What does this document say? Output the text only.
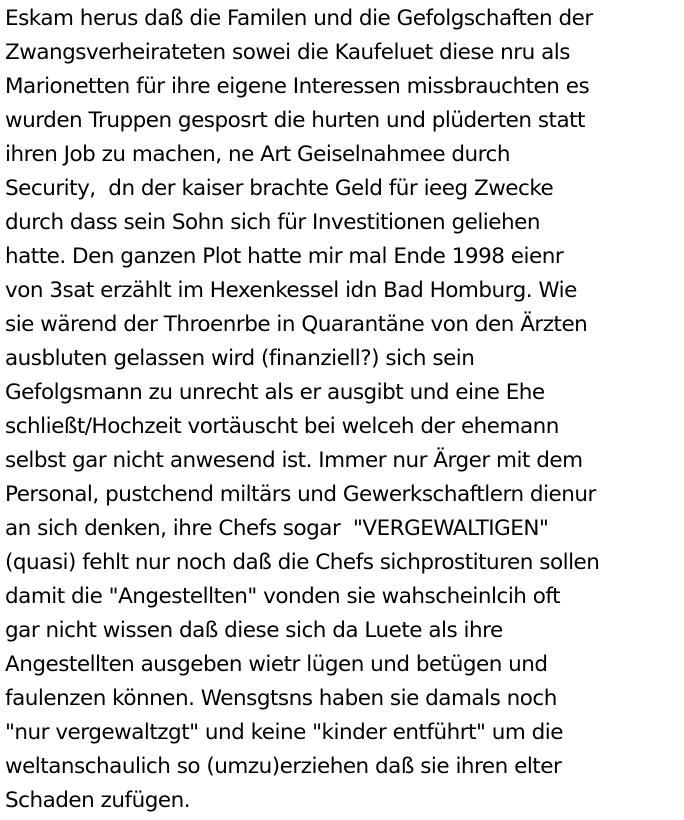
Eskam herus daß die Familen und die Gefolgschaften der
Zwangsverheirateten sowei die Kaufeluet diese nru als
Marionetten für ihre eigene Interessen missbrauchten es
wurden Truppen gesposrt die hurten und plüderten statt
ihren Job zu machen, ne Art Geiselnahmee durch
Security,  dn der kaiser brachte Geld für ieeg Zwecke
durch dass sein Sohn sich für Investitionen geliehen
hatte. Den ganzen Plot hatte mir mal Ende 1998 eienr
von 3sat erzählt im Hexenkessel idn Bad Homburg. Wie
sie wärend der Throenrbe in Quarantäne von den Ärzten
ausbluten gelassen wird (finanziell?) sich sein
Gefolgsmann zu unrecht als er ausgibt und eine Ehe
schließt/Hochzeit vortäuscht bei welceh der ehemann
selbst gar nicht anwesend ist. Immer nur Ärger mit dem
Personal, pustchend miltärs und Gewerkschaftlern dienur
an sich denken, ihre Chefs sogar  "VERGEWALTIGEN"
(quasi) fehlt nur noch daß die Chefs sichprostituren sollen
damit die "Angestellten" vonden sie wahscheinlcih oft
gar nicht wissen daß diese sich da Luete als ihre
Angestellten ausgeben wietr lügen und betügen und
faulenzen können. Wensgtsns haben sie damals noch
"nur vergewaltzgt" und keine "kinder entführt" um die
weltanschaulich so (umzu)erziehen daß sie ihren elter
Schaden zufügen.
